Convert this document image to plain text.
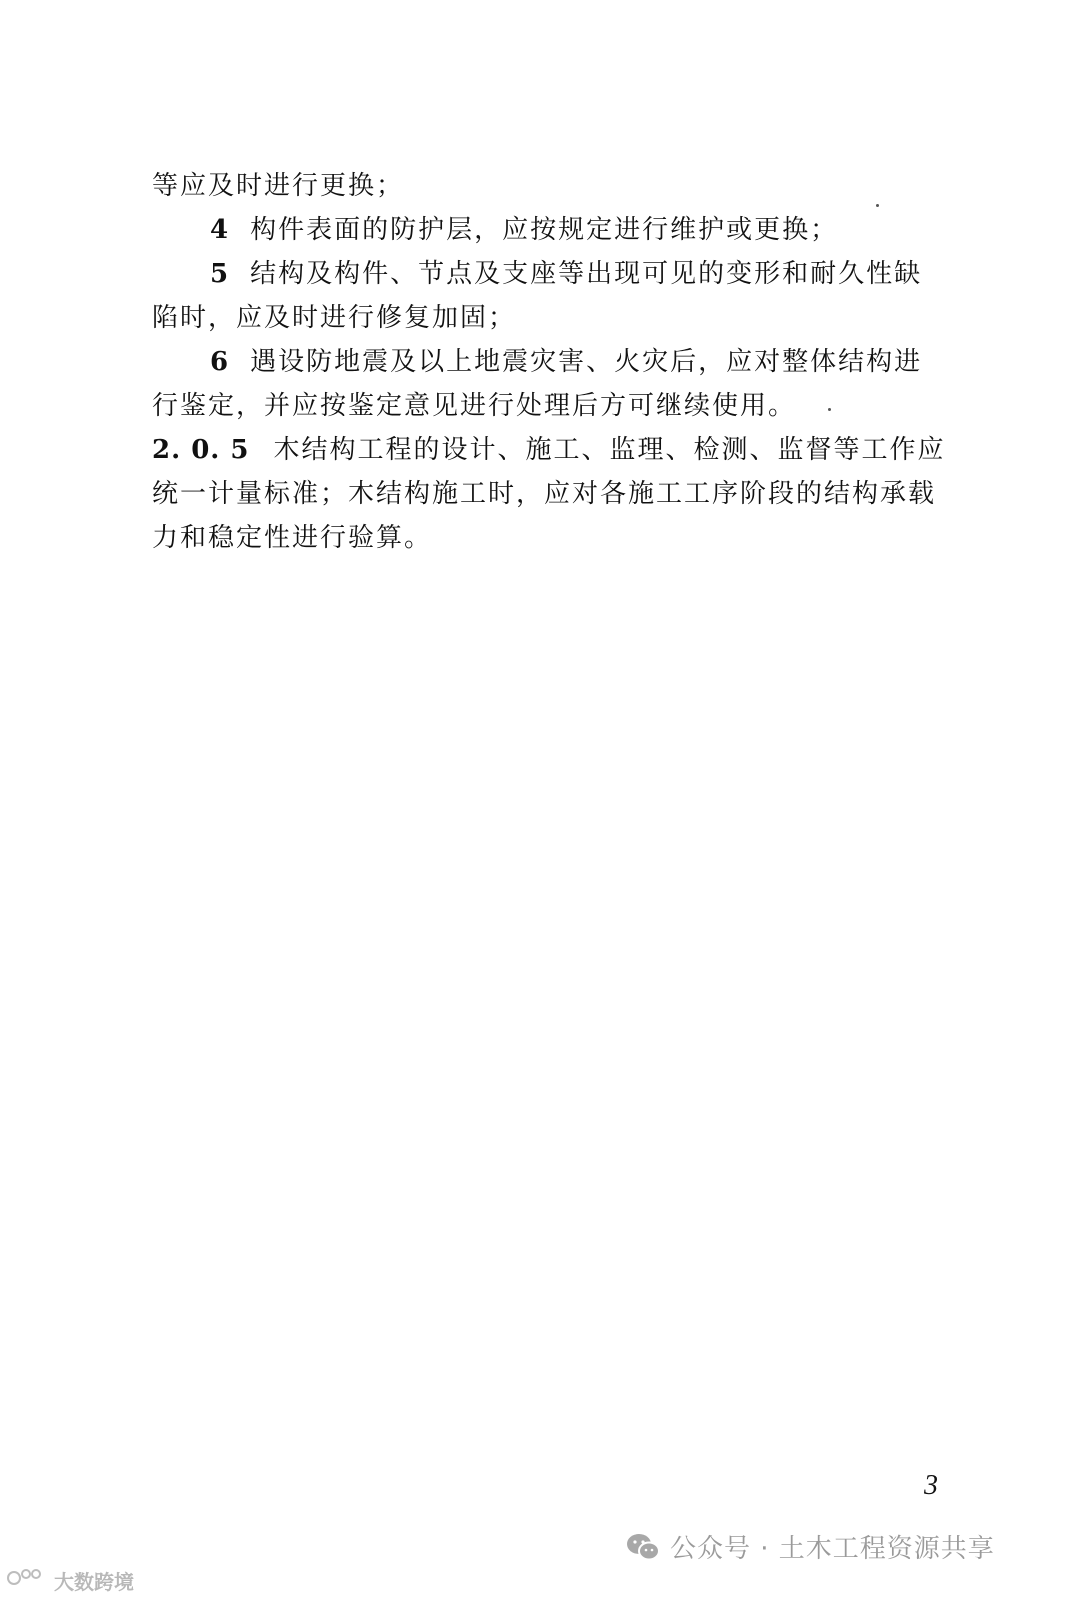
等应及时进行更换；
4 构件表面的防护层，应按规定进行维护或更换；
5 结构及构件、节点及支座等出现可见的变形和耐久性缺
陷时，应及时进行修复加固；
6 遇设防地震及以上地震灾害、火灾后，应对整体结构进
行鉴定，并应按鉴定意见进行处理后方可继续使用。
2. 0. 5 木结构工程的设计、施工、监理、检测、监督等工作应
统一计量标准；木结构施工时，应对各施工工序阶段的结构承载
力和稳定性进行验算。
3
公众号 · 土木工程资源共享
大数跨境
